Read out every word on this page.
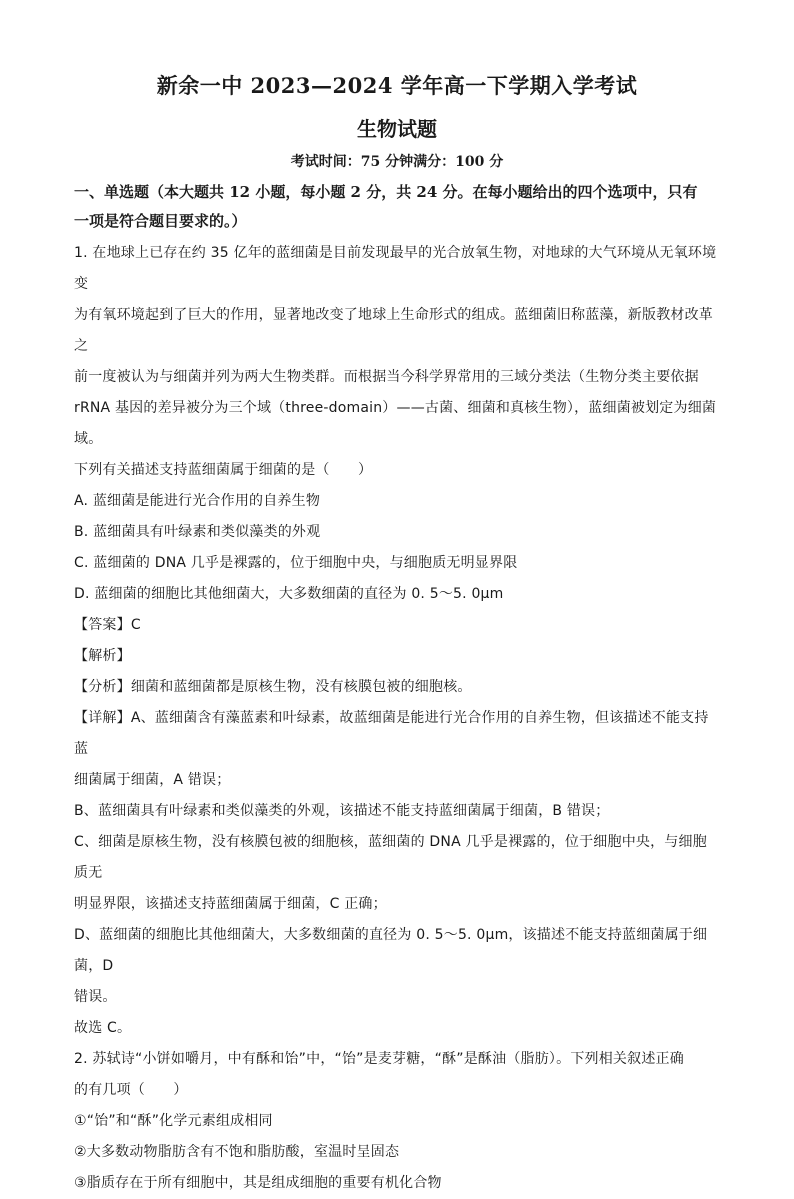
新余一中 2023—2024 学年高一下学期入学考试
生物试题

考试时间：75 分钟满分：100 分

一、单选题（本大题共 12 小题，每小题 2 分，共 24 分。在每小题给出的四个选项中，只有

一项是符合题目要求的。）

1. 在地球上已存在约 35 亿年的蓝细菌是目前发现最早的光合放氧生物，对地球的大气环境从无氧环境变

为有氧环境起到了巨大的作用，显著地改变了地球上生命形式的组成。蓝细菌旧称蓝藻，新版教材改革之

前一度被认为与细菌并列为两大生物类群。而根据当今科学界常用的三域分类法（生物分类主要依据

rRNA 基因的差异被分为三个域（three-domain）——古菌、细菌和真核生物），蓝细菌被划定为细菌域。

下列有关描述支持蓝细菌属于细菌的是（　　）

A. 蓝细菌是能进行光合作用的自养生物

B. 蓝细菌具有叶绿素和类似藻类的外观

C. 蓝细菌的 DNA 几乎是裸露的，位于细胞中央，与细胞质无明显界限

D. 蓝细菌的细胞比其他细菌大，大多数细菌的直径为 0. 5～5. 0μm

【答案】C

【解析】

【分析】细菌和蓝细菌都是原核生物，没有核膜包被的细胞核。

【详解】A、蓝细菌含有藻蓝素和叶绿素，故蓝细菌是能进行光合作用的自养生物，但该描述不能支持蓝

细菌属于细菌，A 错误；

B、蓝细菌具有叶绿素和类似藻类的外观，该描述不能支持蓝细菌属于细菌，B 错误；

C、细菌是原核生物，没有核膜包被的细胞核，蓝细菌的 DNA 几乎是裸露的，位于细胞中央，与细胞质无

明显界限，该描述支持蓝细菌属于细菌，C 正确；

D、蓝细菌的细胞比其他细菌大，大多数细菌的直径为 0. 5～5. 0μm，该描述不能支持蓝细菌属于细菌，D

错误。

故选 C。

2. 苏轼诗“小饼如嚼月，中有酥和饴”中，“饴”是麦芽糖，“酥”是酥油（脂肪）。下列相关叙述正确

的有几项（　　）

①“饴”和“酥”化学元素组成相同

②大多数动物脂肪含有不饱和脂肪酸，室温时呈固态

③脂质存在于所有细胞中，其是组成细胞的重要有机化合物
